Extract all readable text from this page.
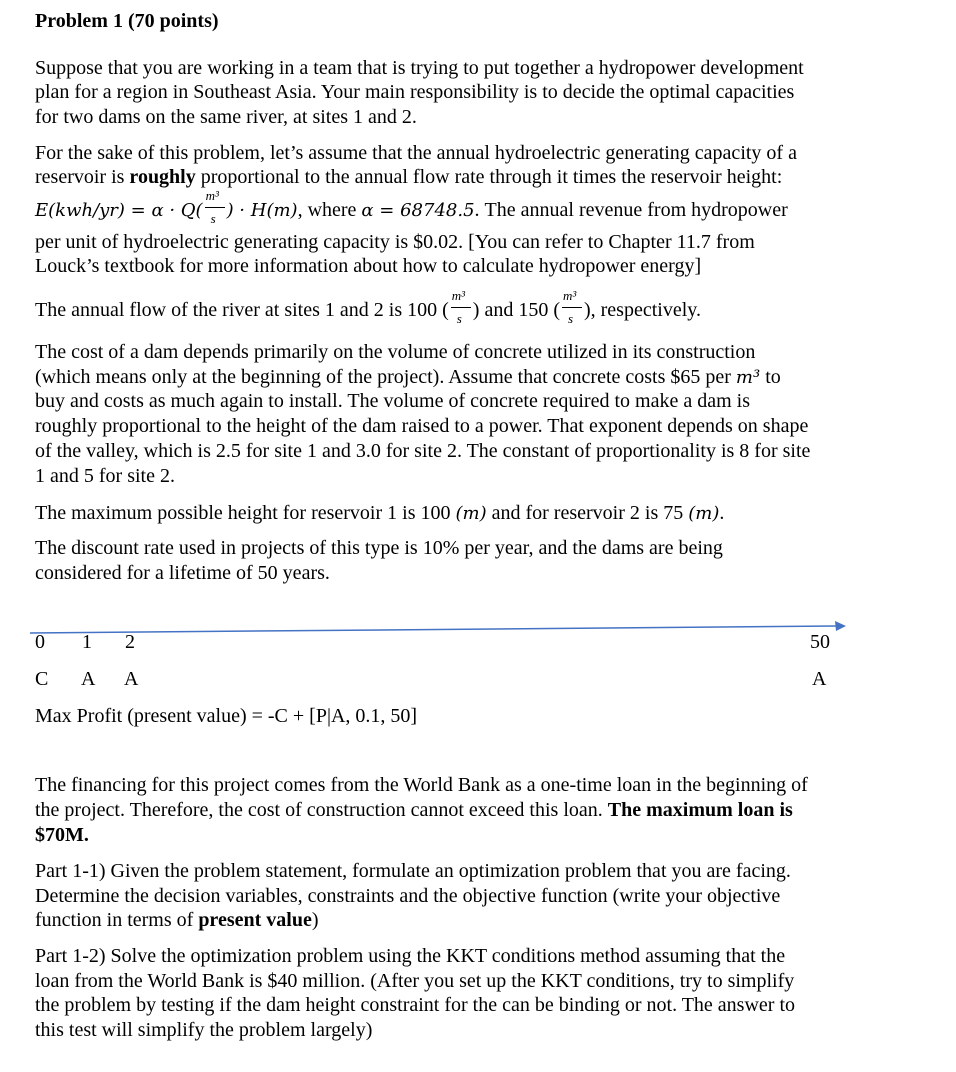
Problem 1 (70 points)
Suppose that you are working in a team that is trying to put together a hydropower development
plan for a region in Southeast Asia. Your main responsibility is to decide the optimal capacities
for two dams on the same river, at sites 1 and 2.
For the sake of this problem, let’s assume that the annual hydroelectric generating capacity of a
reservoir is roughly proportional to the annual flow rate through it times the reservoir height:
$E(kwh/yr) = \alpha \cdot Q( \frac{\text{m³}}{s}$ ) · H(m), where α = 68748.5. The annual revenue from hydropower
per unit of hydroelectric generating capacity is $0.02. [You can refer to Chapter 11.7 from
Louck’s textbook for more information about how to calculate hydropower energy]
The annual flow of the river at sites 1 and 2 is 100 ( $\frac{\text{m³}}{s}$ ) and 150 ( $\frac{\text{m³}}{s}$ ), respectively.
The cost of a dam depends primarily on the volume of concrete utilized in its construction
(which means only at the beginning of the project). Assume that concrete costs $65 per m³ to
buy and costs as much again to install. The volume of concrete required to make a dam is
roughly proportional to the height of the dam raised to a power. That exponent depends on shape
of the valley, which is 2.5 for site 1 and 3.0 for site 2. The constant of proportionality is 8 for site
1 and 5 for site 2.
The maximum possible height for reservoir 1 is 100 (m) and for reservoir 2 is 75 (m).
The discount rate used in projects of this type is 10% per year, and the dams are being
considered for a lifetime of 50 years.
0 1 2	50
C A A	A
Max Profit (present value) = -C + [P|A, 0.1, 50]
The financing for this project comes from the World Bank as a one-time loan in the beginning of
the project. Therefore, the cost of construction cannot exceed this loan. The maximum loan is
$70M.
Part 1-1) Given the problem statement, formulate an optimization problem that you are facing.
Determine the decision variables, constraints and the objective function (write your objective
function in terms of present value)
Part 1-2) Solve the optimization problem using the KKT conditions method assuming that the
loan from the World Bank is $40 million. (After you set up the KKT conditions, try to simplify
the problem by testing if the dam height constraint for the can be binding or not. The answer to
this test will simplify the problem largely)
